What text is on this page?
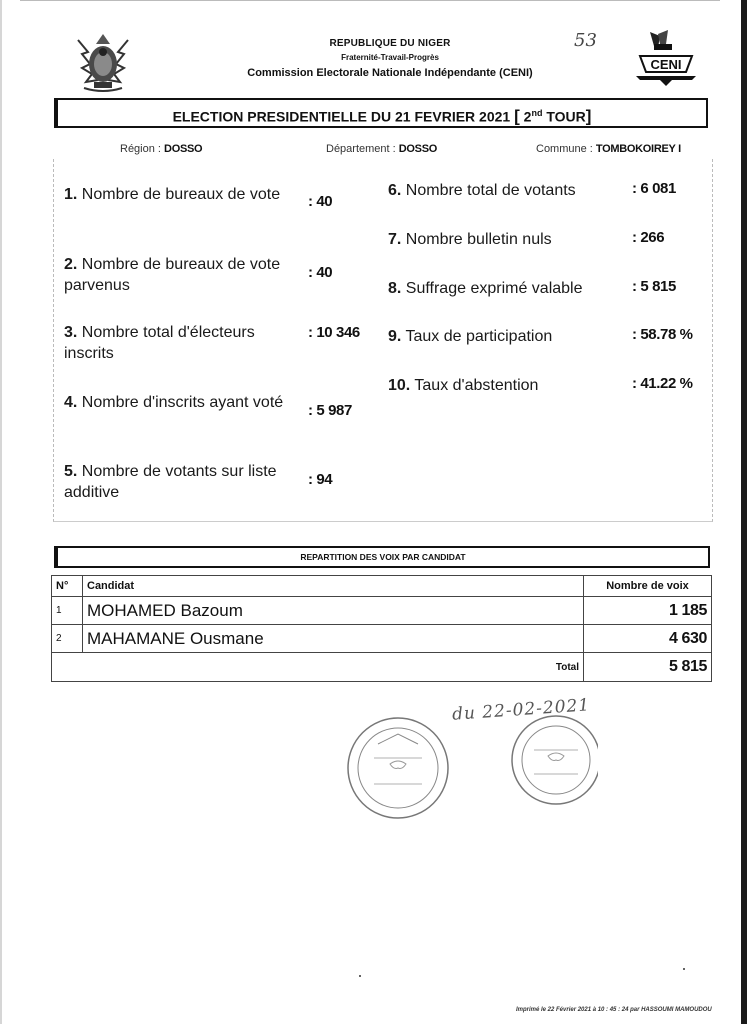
53
CENI
REPUBLIQUE DU NIGER
Fraternité-Travail-Progrès
Commission Electorale Nationale Indépendante (CENI)
ELECTION PRESIDENTIELLE DU 21 FEVRIER 2021 [ 2nd TOUR]
Région : DOSSO	Département : DOSSO	Commune : TOMBOKOIREY I
1. Nombre de bureaux de vote	: 40
2. Nombre de bureaux de vote parvenus
: 40
3. Nombre total d'électeurs inscrits
: 10 346
4. Nombre d'inscrits ayant voté	: 5 987
5. Nombre de votants sur liste additive
: 94
6. Nombre total de votants	: 6 081
7. Nombre bulletin nuls	: 266
8. Suffrage exprimé valable	: 5 815
9. Taux de participation	: 58.78 %
10. Taux d'abstention	: 41.22 %
REPARTITION DES VOIX PAR CANDIDAT
N°	Candidat	Nombre de voix
1	MOHAMED Bazoum	1 185
2	MAHAMANE Ousmane	4 630
Total		5 815
du 22-02-2021
Imprimé le 22 Février 2021 à 10 : 45 : 24 par HASSOUMI MAMOUDOU
